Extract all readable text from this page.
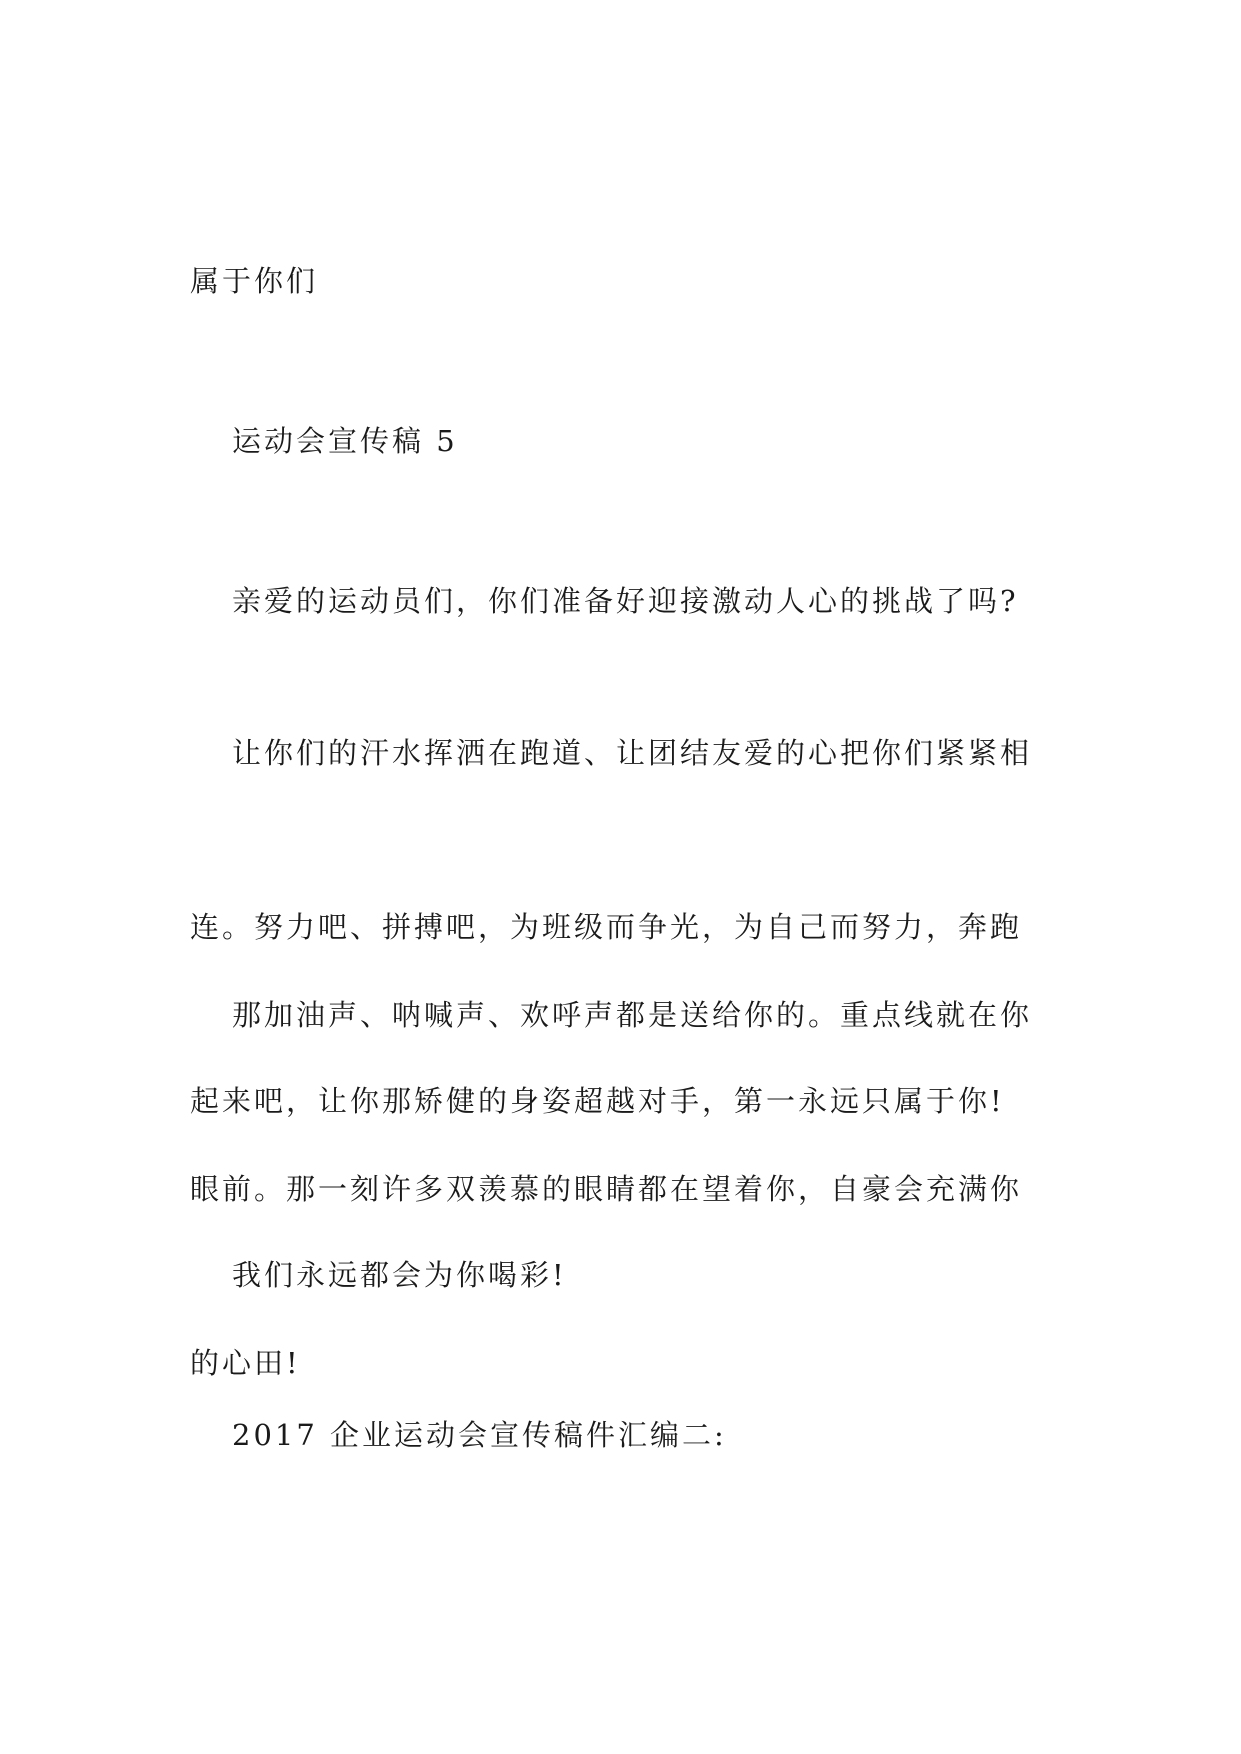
属于你们

运动会宣传稿 5

亲爱的运动员们，你们准备好迎接激动人心的挑战了吗?

让你们的汗水挥洒在跑道、让团结友爱的心把你们紧紧相

连。努力吧、拼搏吧，为班级而争光，为自己而努力，奔跑

起来吧，让你那矫健的身姿超越对手，第一永远只属于你!

那加油声、呐喊声、欢呼声都是送给你的。重点线就在你

眼前。那一刻许多双羡慕的眼睛都在望着你，自豪会充满你

的心田!

我们永远都会为你喝彩!

2017 企业运动会宣传稿件汇编二:
